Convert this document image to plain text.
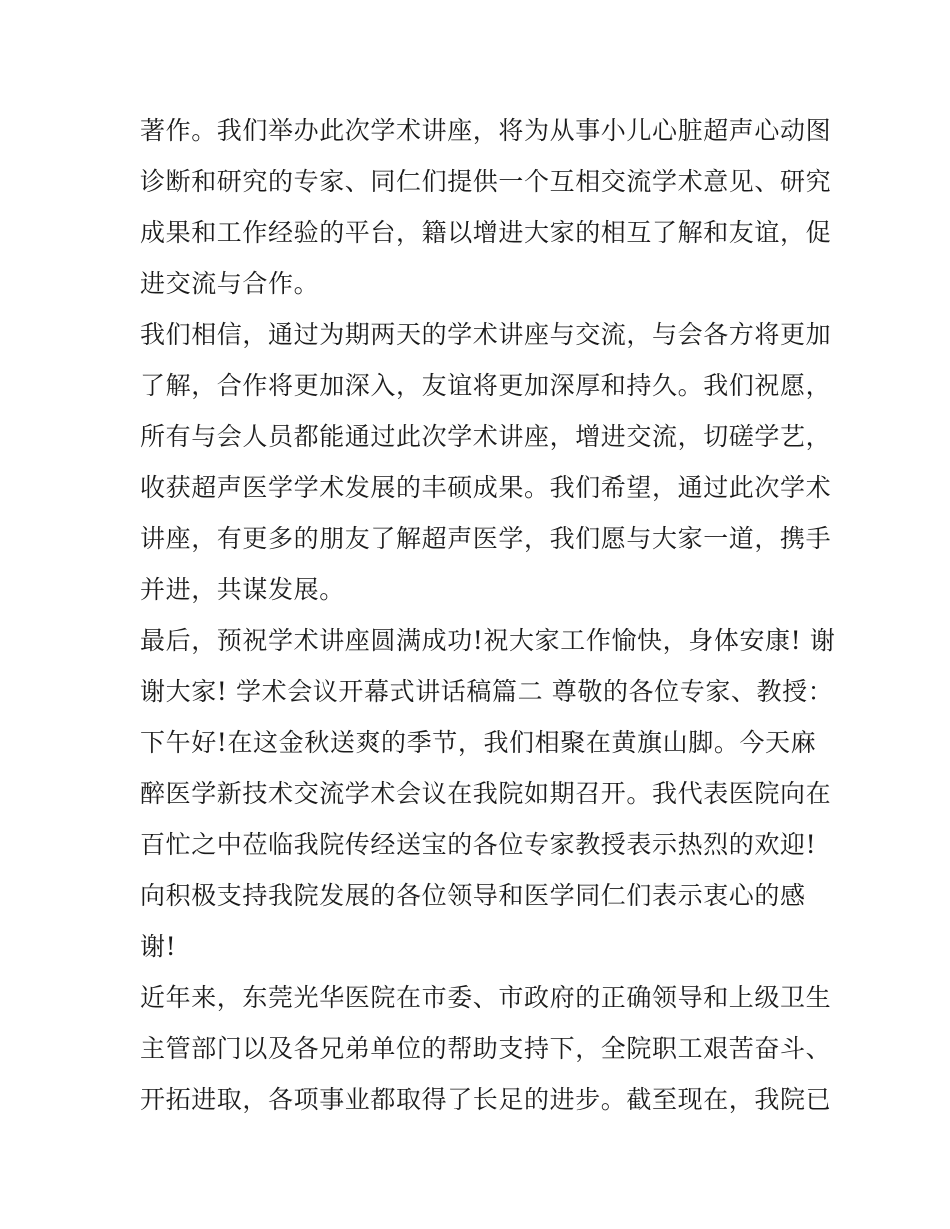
著作。我们举办此次学术讲座，将为从事小儿心脏超声心动图
诊断和研究的专家、同仁们提供一个互相交流学术意见、研究
成果和工作经验的平台，籍以增进大家的相互了解和友谊，促
进交流与合作。
我们相信，通过为期两天的学术讲座与交流，与会各方将更加
了解，合作将更加深入，友谊将更加深厚和持久。我们祝愿，
所有与会人员都能通过此次学术讲座，增进交流，切磋学艺，
收获超声医学学术发展的丰硕成果。我们希望，通过此次学术
讲座，有更多的朋友了解超声医学，我们愿与大家一道，携手
并进，共谋发展。
最后，预祝学术讲座圆满成功!祝大家工作愉快，身体安康! 谢
谢大家! 学术会议开幕式讲话稿篇二 尊敬的各位专家、教授：
下午好!在这金秋送爽的季节，我们相聚在黄旗山脚。今天麻
醉医学新技术交流学术会议在我院如期召开。我代表医院向在
百忙之中莅临我院传经送宝的各位专家教授表示热烈的欢迎!
向积极支持我院发展的各位领导和医学同仁们表示衷心的感
谢!
近年来，东莞光华医院在市委、市政府的正确领导和上级卫生
主管部门以及各兄弟单位的帮助支持下，全院职工艰苦奋斗、
开拓进取，各项事业都取得了长足的进步。截至现在，我院已
